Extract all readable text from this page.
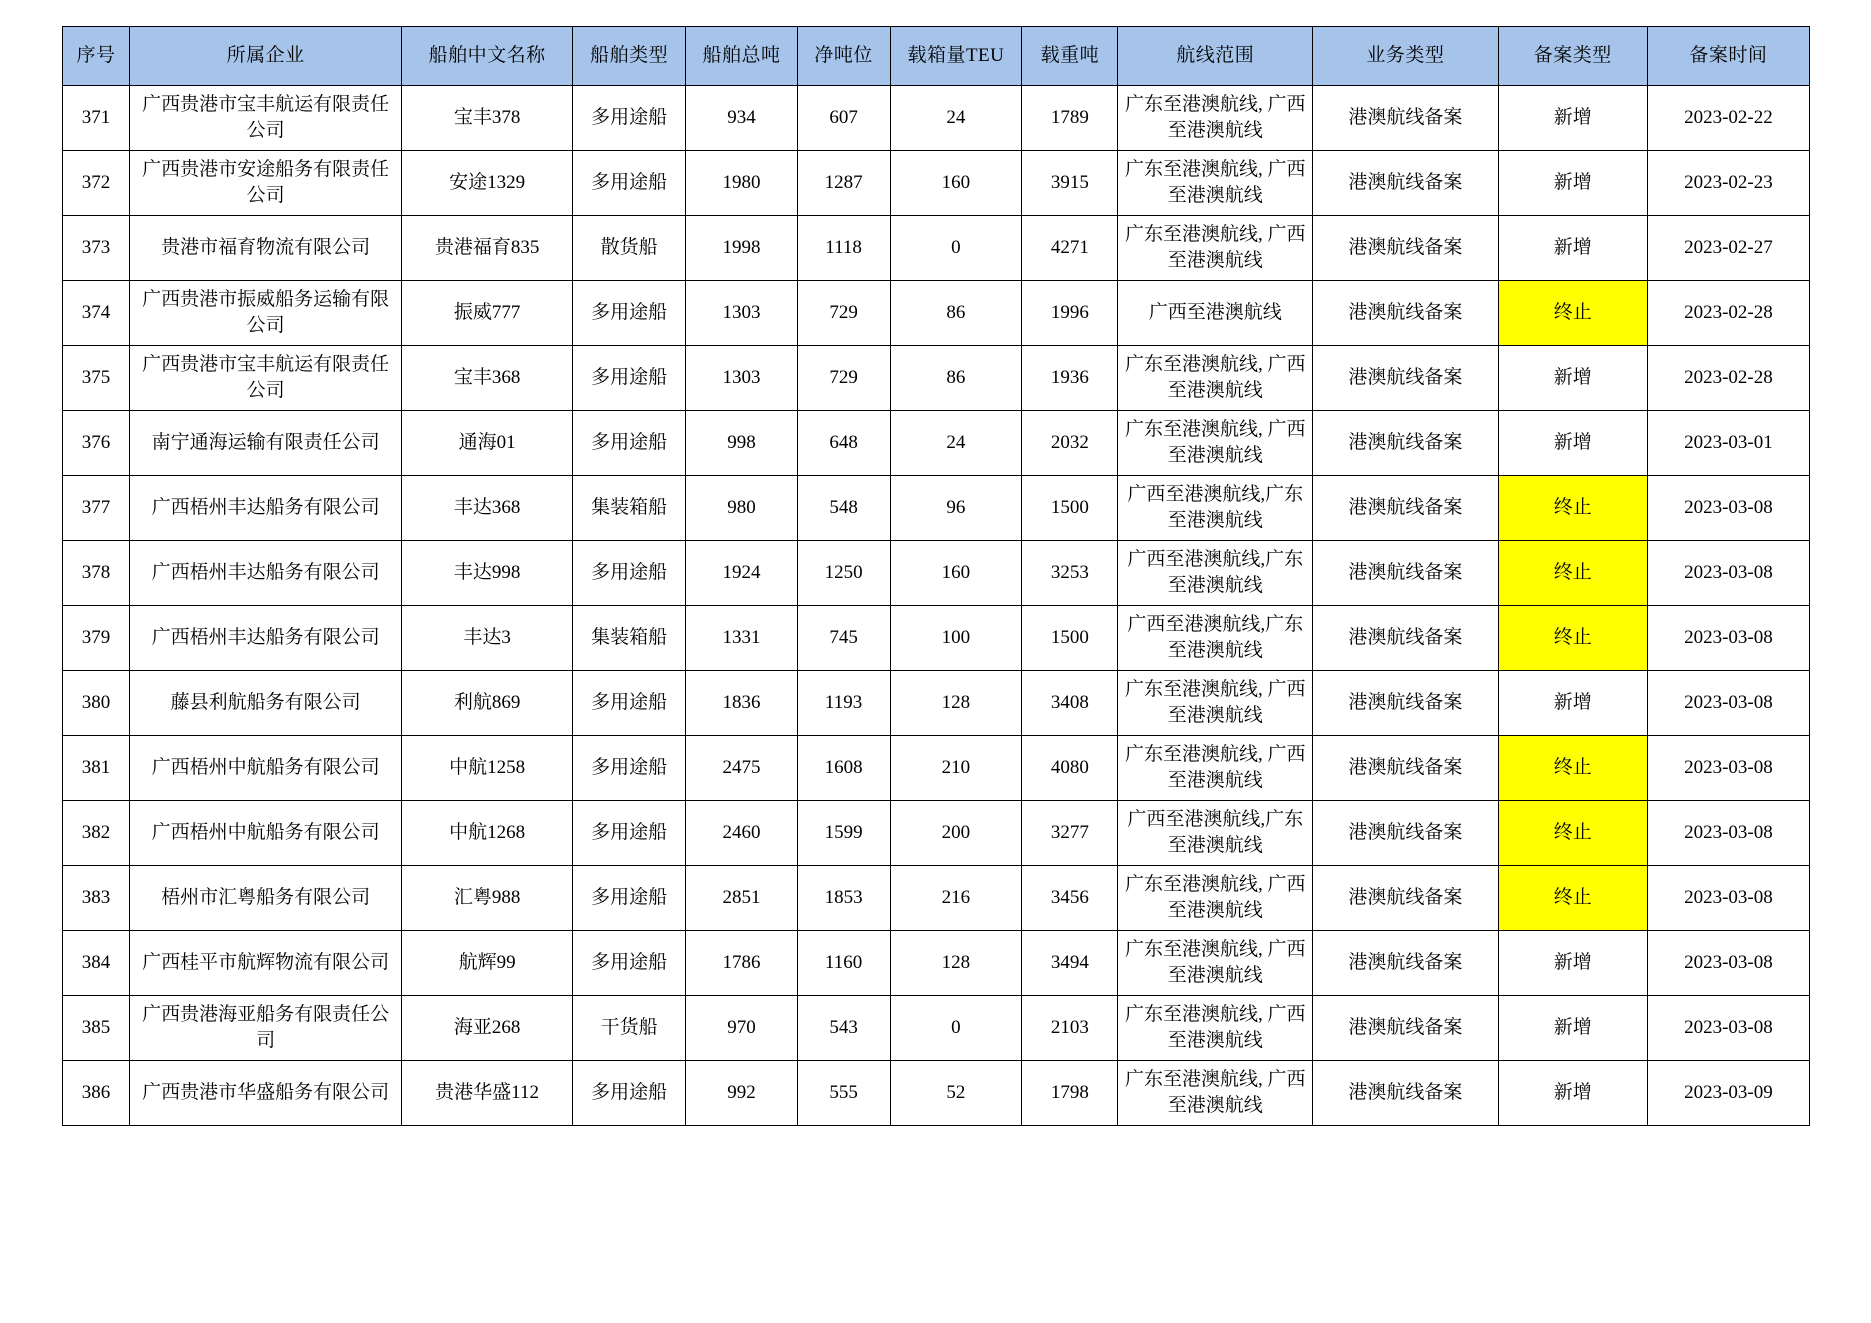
序号	所属企业	船舶中文名称	船舶类型	船舶总吨	净吨位	载箱量TEU	载重吨	航线范围	业务类型	备案类型	备案时间
371	广西贵港市宝丰航运有限责任公司	宝丰378	多用途船	934	607	24	1789	广东至港澳航线, 广西至港澳航线	港澳航线备案	新增	2023-02-22
372	广西贵港市安途船务有限责任公司	安途1329	多用途船	1980	1287	160	3915	广东至港澳航线, 广西至港澳航线	港澳航线备案	新增	2023-02-23
373	贵港市福育物流有限公司	贵港福育835	散货船	1998	1118	0	4271	广东至港澳航线, 广西至港澳航线	港澳航线备案	新增	2023-02-27
374	广西贵港市振威船务运输有限公司	振威777	多用途船	1303	729	86	1996	广西至港澳航线	港澳航线备案	终止	2023-02-28
375	广西贵港市宝丰航运有限责任公司	宝丰368	多用途船	1303	729	86	1936	广东至港澳航线, 广西至港澳航线	港澳航线备案	新增	2023-02-28
376	南宁通海运输有限责任公司	通海01	多用途船	998	648	24	2032	广东至港澳航线, 广西至港澳航线	港澳航线备案	新增	2023-03-01
377	广西梧州丰达船务有限公司	丰达368	集装箱船	980	548	96	1500	广西至港澳航线,广东至港澳航线	港澳航线备案	终止	2023-03-08
378	广西梧州丰达船务有限公司	丰达998	多用途船	1924	1250	160	3253	广西至港澳航线,广东至港澳航线	港澳航线备案	终止	2023-03-08
379	广西梧州丰达船务有限公司	丰达3	集装箱船	1331	745	100	1500	广西至港澳航线,广东至港澳航线	港澳航线备案	终止	2023-03-08
380	藤县利航船务有限公司	利航869	多用途船	1836	1193	128	3408	广东至港澳航线, 广西至港澳航线	港澳航线备案	新增	2023-03-08
381	广西梧州中航船务有限公司	中航1258	多用途船	2475	1608	210	4080	广东至港澳航线, 广西至港澳航线	港澳航线备案	终止	2023-03-08
382	广西梧州中航船务有限公司	中航1268	多用途船	2460	1599	200	3277	广西至港澳航线,广东至港澳航线	港澳航线备案	终止	2023-03-08
383	梧州市汇粤船务有限公司	汇粤988	多用途船	2851	1853	216	3456	广东至港澳航线, 广西至港澳航线	港澳航线备案	终止	2023-03-08
384	广西桂平市航辉物流有限公司	航辉99	多用途船	1786	1160	128	3494	广东至港澳航线, 广西至港澳航线	港澳航线备案	新增	2023-03-08
385	广西贵港海亚船务有限责任公司	海亚268	干货船	970	543	0	2103	广东至港澳航线, 广西至港澳航线	港澳航线备案	新增	2023-03-08
386	广西贵港市华盛船务有限公司	贵港华盛112	多用途船	992	555	52	1798	广东至港澳航线, 广西至港澳航线	港澳航线备案	新增	2023-03-09
